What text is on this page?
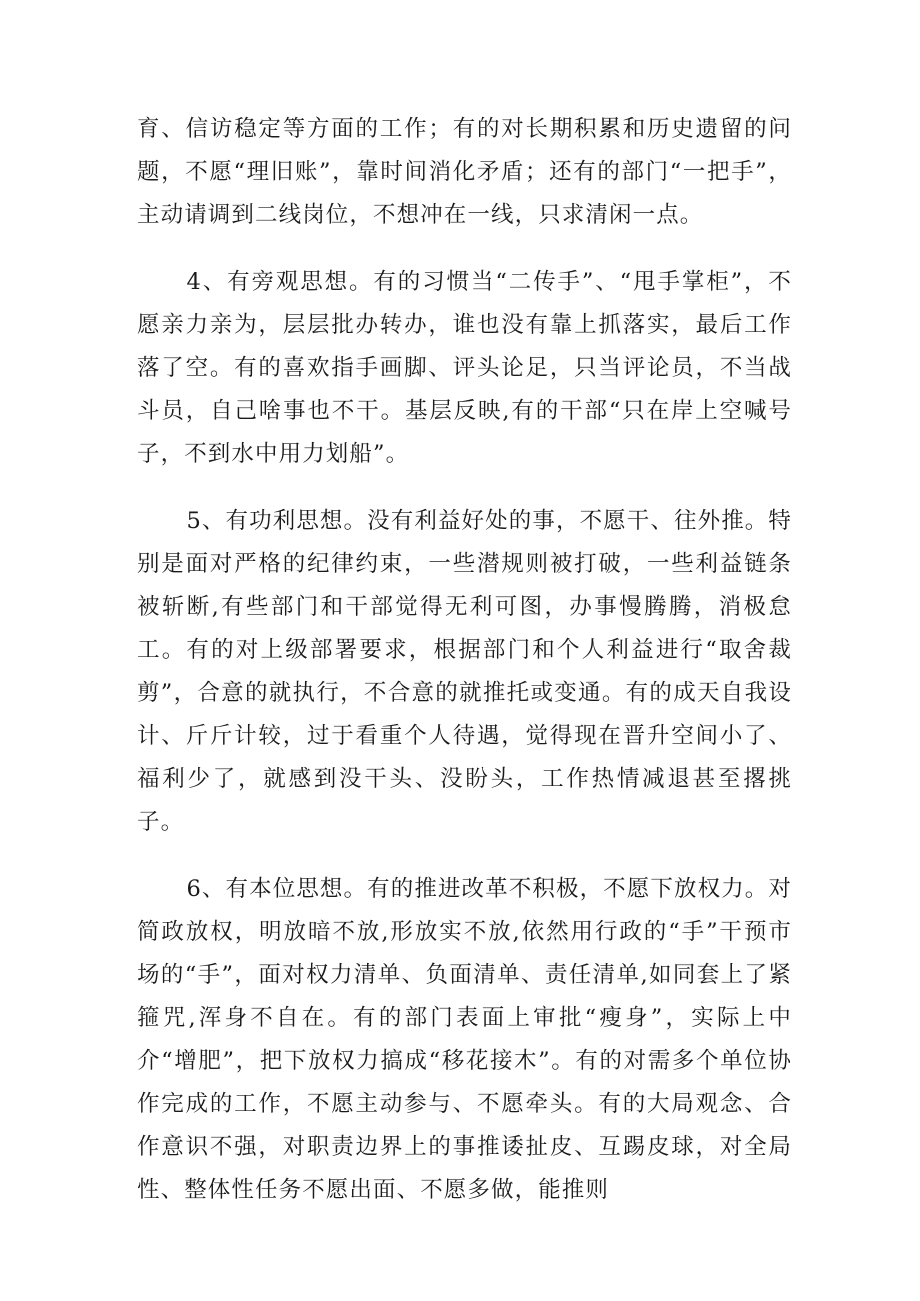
育、信访稳定等方面的工作；有的对长期积累和历史遗留的问题，不愿“理旧账”，靠时间消化矛盾；还有的部门“一把手”，主动请调到二线岗位，不想冲在一线，只求清闲一点。

4、有旁观思想。有的习惯当“二传手”、“甩手掌柜”，不愿亲力亲为，层层批办转办，谁也没有靠上抓落实，最后工作落了空。有的喜欢指手画脚、评头论足，只当评论员，不当战斗员，自己啥事也不干。基层反映,有的干部“只在岸上空喊号子，不到水中用力划船”。

5、有功利思想。没有利益好处的事，不愿干、往外推。特别是面对严格的纪律约束，一些潜规则被打破，一些利益链条被斩断,有些部门和干部觉得无利可图，办事慢腾腾，消极怠工。有的对上级部署要求，根据部门和个人利益进行“取舍裁剪”，合意的就执行，不合意的就推托或变通。有的成天自我设计、斤斤计较，过于看重个人待遇，觉得现在晋升空间小了、福利少了，就感到没干头、没盼头，工作热情减退甚至撂挑子。

6、有本位思想。有的推进改革不积极，不愿下放权力。对简政放权，明放暗不放,形放实不放,依然用行政的“手”干预市场的“手”，面对权力清单、负面清单、责任清单,如同套上了紧箍咒,浑身不自在。有的部门表面上审批“瘦身”，实际上中介“增肥”，把下放权力搞成“移花接木”。有的对需多个单位协作完成的工作，不愿主动参与、不愿牵头。有的大局观念、合作意识不强，对职责边界上的事推诿扯皮、互踢皮球，对全局性、整体性任务不愿出面、不愿多做，能推则
